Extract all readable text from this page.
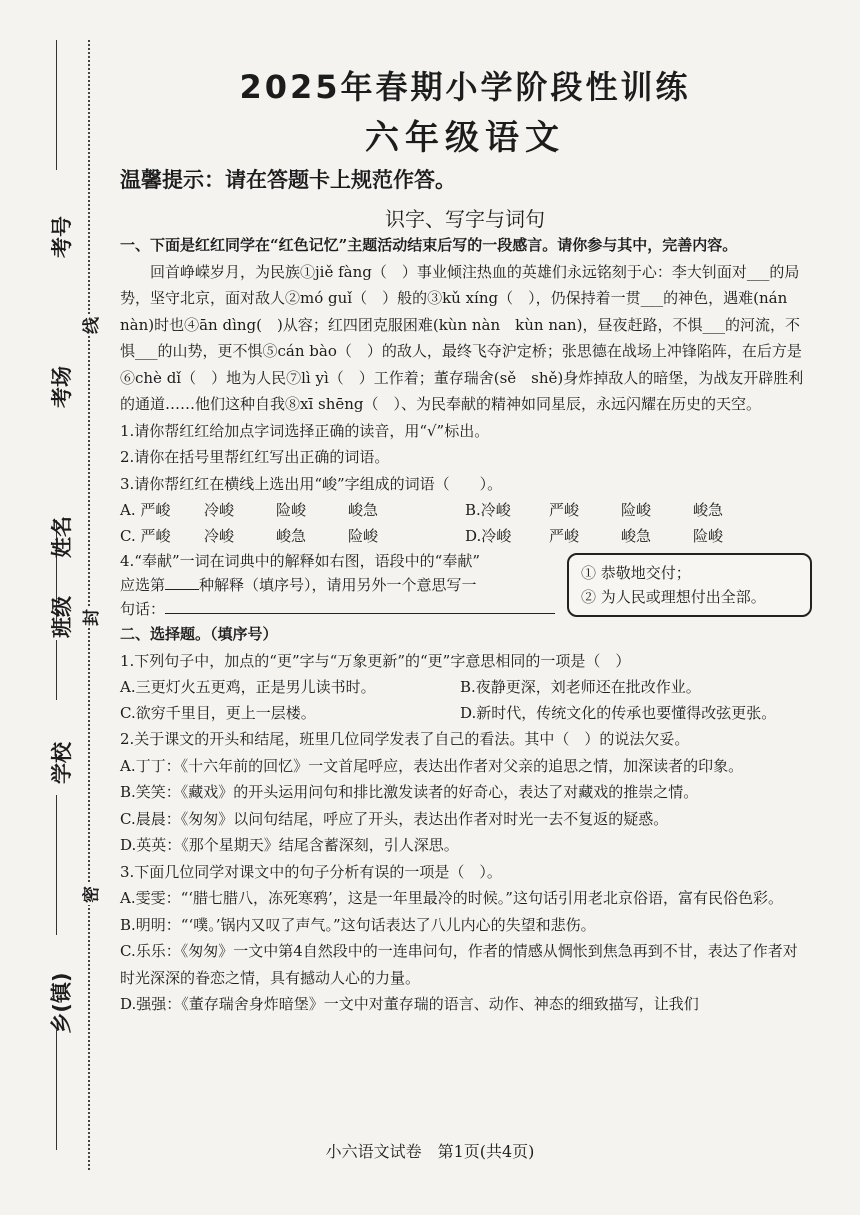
考号
考场
姓名
班级
学校
乡(镇)
线
封
密
2025年春期小学阶段性训练
六年级语文
温馨提示：请在答题卡上规范作答。
识字、写字与词句

一、下面是红红同学在“红色记忆”主题活动结束后写的一段感言。请你参与其中，完善内容。

回首峥嵘岁月，为民族①jiě fàng（　）事业倾注热血的英雄们永远铭刻于心：李大钊面对___的局势，坚守北京，面对敌人②mó guǐ（　）般的③kǔ xíng（　），仍保持着一贯___的神色，遇难(nán　nàn)时也④ān dìng(　)从容；红四团克服困难(kùn nàn　kùn nan)，昼夜赶路，不惧___的河流，不惧___的山势，更不惧⑤cán bào（　）的敌人，最终飞夺沪定桥；张思德在战场上冲锋陷阵，在后方是⑥chè dǐ（　）地为人民⑦lì yì（　）工作着；董存瑞舍(sě　shě)身炸掉敌人的暗堡，为战友开辟胜利的通道……他们这种自我⑧xī shēng（　）、为民奉献的精神如同星辰，永远闪耀在历史的天空。

1.请你帮红红给加点字词选择正确的读音，用“√”标出。

2.请你在括号里帮红红写出正确的词语。

3.请你帮红红在横线上选出用“峻”字组成的词语（　　）。

A. 严峻	冷峻	险峻	峻急	B.冷峻	严峻	险峻	峻急
C. 严峻	冷峻	峻急	险峻	D.冷峻	严峻	峻急	险峻
4.“奉献”一词在词典中的解释如右图，语段中的“奉献”
应选第 种解释（填序号），请用另外一个意思写一
句话：
① 恭敬地交付；
② 为人民或理想付出全部。

二、选择题。（填序号）

1.下列句子中，加点的“更”字与“万象更新”的“更”字意思相同的一项是（　）

A.三更灯火五更鸡，正是男儿读书时。	B.夜静更深，刘老师还在批改作业。
C.欲穷千里目，更上一层楼。	D.新时代，传统文化的传承也要懂得改弦更张。

2.关于课文的开头和结尾，班里几位同学发表了自己的看法。其中（　）的说法欠妥。

A.丁丁：《十六年前的回忆》一文首尾呼应，表达出作者对父亲的追思之情，加深读者的印象。

B.笑笑：《藏戏》的开头运用问句和排比激发读者的好奇心，表达了对藏戏的推崇之情。

C.晨晨：《匆匆》以问句结尾，呼应了开头，表达出作者对时光一去不复返的疑惑。

D.英英：《那个星期天》结尾含蓄深刻，引人深思。

3.下面几位同学对课文中的句子分析有误的一项是（　）。

A.雯雯：“‘腊七腊八，冻死寒鸦’，这是一年里最冷的时候。”这句话引用老北京俗语，富有民俗色彩。

B.明明：“‘噗。’锅内又叹了声气。”这句话表达了八儿内心的失望和悲伤。

C.乐乐：《匆匆》一文中第4自然段中的一连串问句，作者的情感从惆怅到焦急再到不甘，表达了作者对时光深深的眷恋之情，具有撼动人心的力量。

D.强强：《董存瑞舍身炸暗堡》一文中对董存瑞的语言、动作、神态的细致描写，让我们

小六语文试卷　第1页(共4页)
